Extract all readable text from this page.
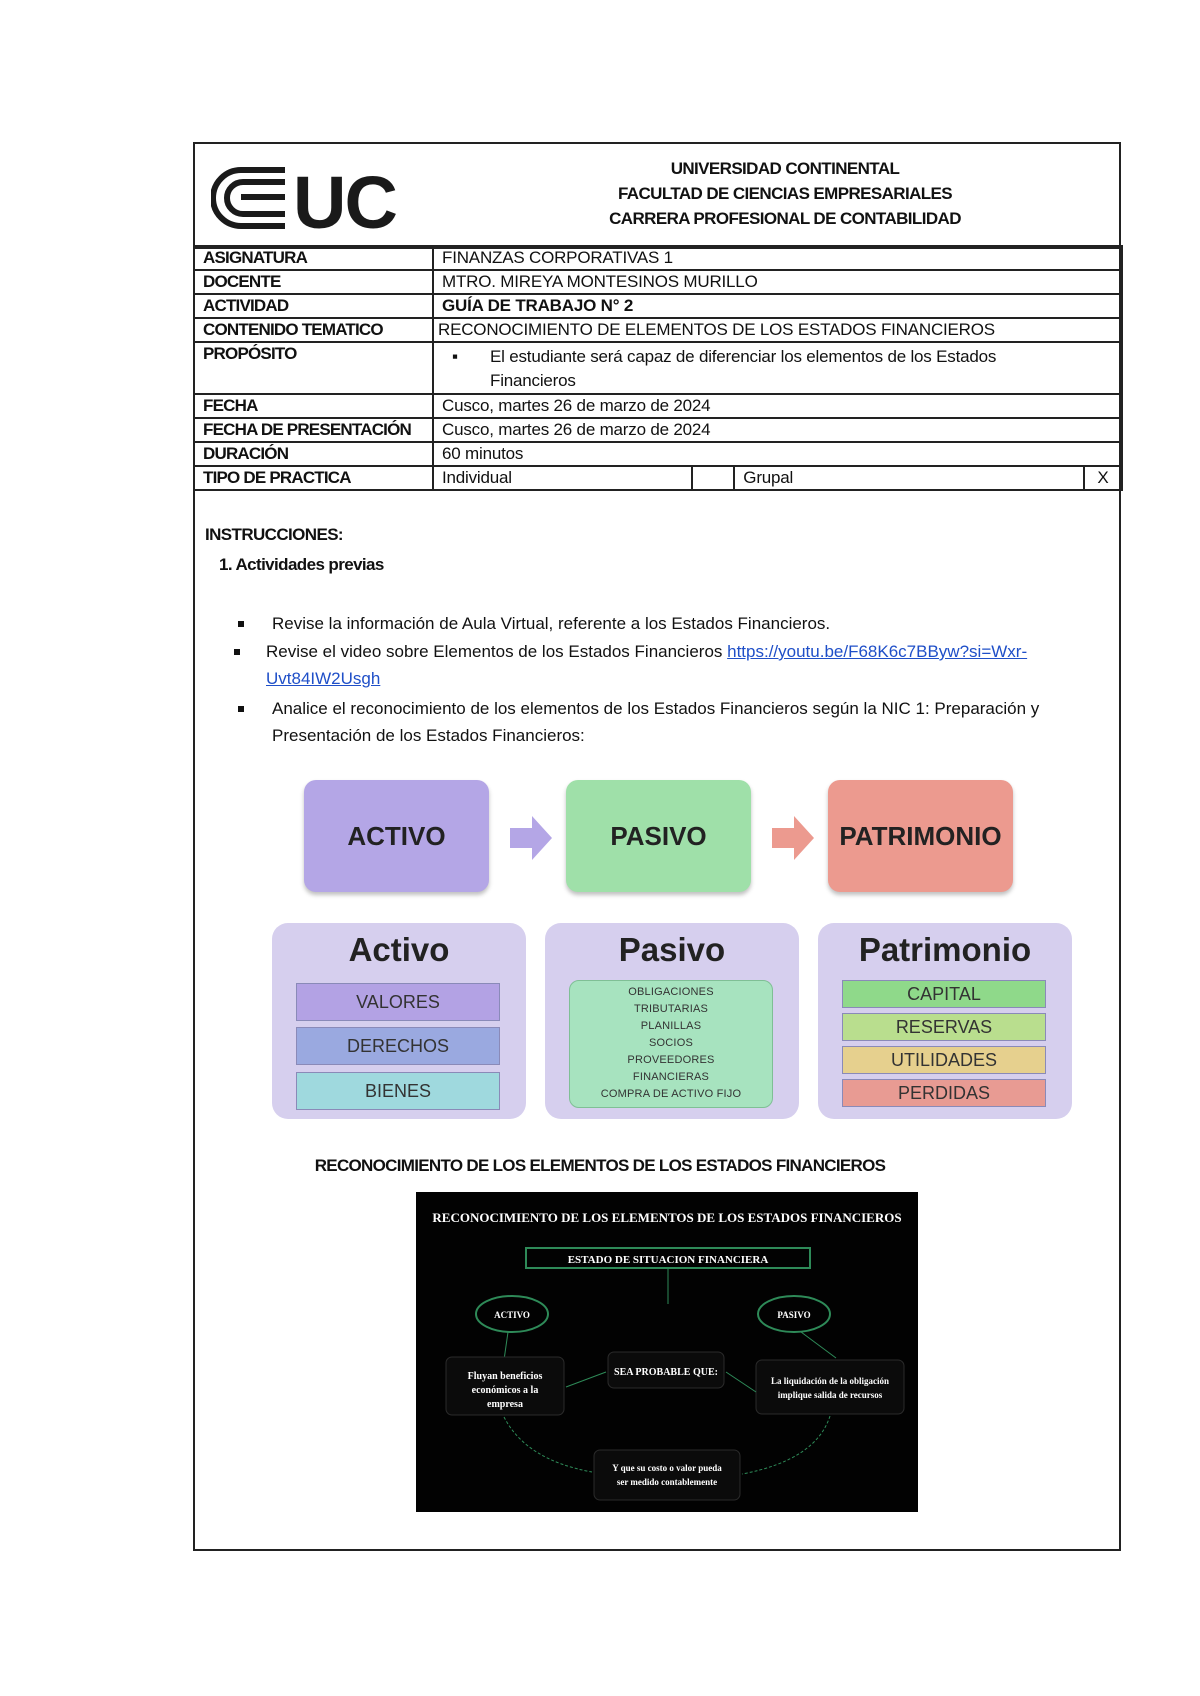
UC	UNIVERSIDAD CONTINENTAL
FACULTAD DE CIENCIAS EMPRESARIALES
CARRERA PROFESIONAL DE CONTABILIDAD
ASIGNATURA	FINANZAS CORPORATIVAS 1			
DOCENTE	MTRO. MIREYA MONTESINOS MURILLO			
ACTIVIDAD	GUÍA DE TRABAJO N° 2			
CONTENIDO TEMATICO	RECONOCIMIENTO DE ELEMENTOS DE LOS ESTADOS FINANCIEROS			
PROPÓSITO	▪ El estudiante será capaz de diferenciar los elementos de los Estados
Financieros			
FECHA	Cusco, martes 26 de marzo de 2024			
FECHA DE PRESENTACIÓN	Cusco, martes 26 de marzo de 2024			
DURACIÓN	60 minutos			
TIPO DE PRACTICA	Individual		Grupal	X
INSTRUCCIONES:
1. Actividades previas
Revise la información de Aula Virtual, referente a los Estados Financieros.
Revise el video sobre Elementos de los Estados Financieros https://youtu.be/F68K6c7BByw?si=Wxr-
Uvt84IW2Usgh
Analice el reconocimiento de los elementos de los Estados Financieros según la NIC 1: Preparación y
Presentación de los Estados Financieros:
ACTIVO	PASIVO	PATRIMONIO
Activo
VALORES
DERECHOS
BIENES
Pasivo
OBLIGACIONES
TRIBUTARIAS
PLANILLAS
SOCIOS
PROVEEDORES
FINANCIERAS
COMPRA DE ACTIVO FIJO
Patrimonio
CAPITAL
RESERVAS
UTILIDADES
PERDIDAS
RECONOCIMIENTO DE LOS ELEMENTOS DE LOS ESTADOS FINANCIEROS
RECONOCIMIENTO DE LOS ELEMENTOS DE LOS ESTADOS FINANCIEROS
ESTADO DE SITUACION FINANCIERA
ACTIVO	PASIVO
SEA PROBABLE QUE:
Fluyan beneficios
económicos a la
empresa
La liquidación de la obligación
implique salida de recursos
Y que su costo o valor pueda
ser medido contablemente
